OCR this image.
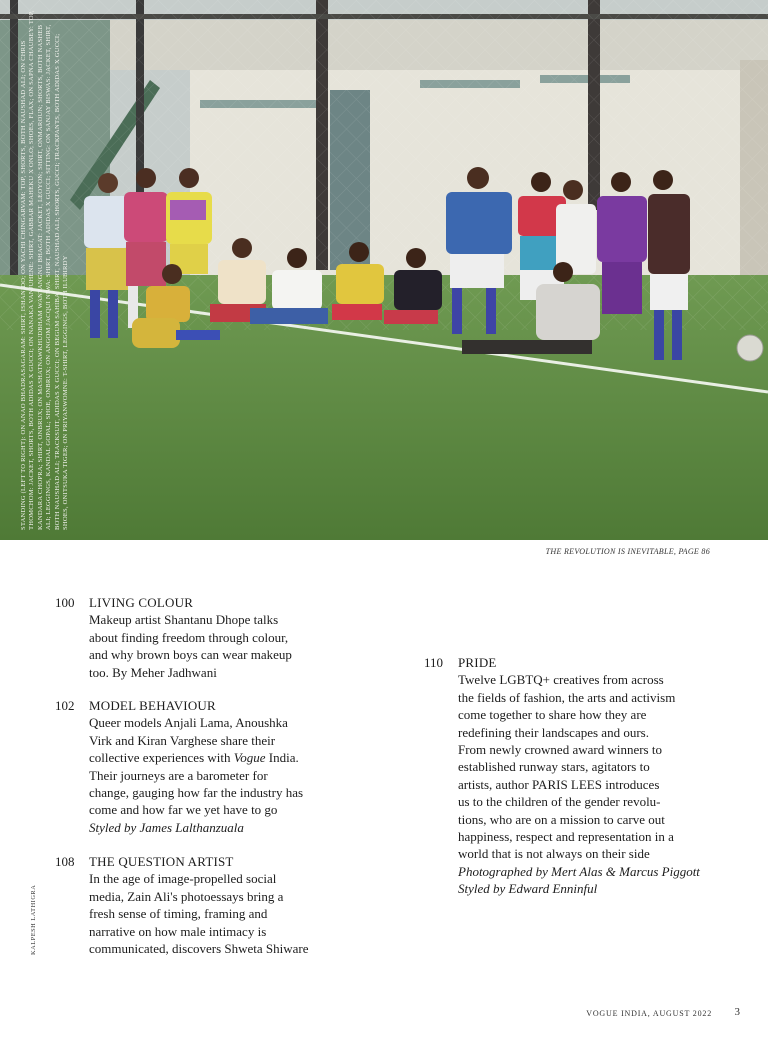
STANDING (LEFT TO RIGHT): ON ANAO BHADRASAGARAM: SHIRT, ISHANIDO; ON YACHI CHINGARVAM: TOP, SHORTS, BOTH NAUSHAD ALI; ON CHRIS THOMCHOM: JACKET, SHORTS, BOTH ADIDAS X GUCCI; ON NANAKA VANJUHENE: SHIRT, GABBAR MAHEKU X ONLO; SHOES, FLAX; ON SAPNA CHAUBEY: TOP, KANDARA CHOPRA; SHIRT, ONBRUX; ON MASHATNAWKHUDBHAM WANTANGNU BHAGAT: JACKET, LEOYON; SHIRT, ONMAROUN; SHORTS, BOTH NASHEB ALI; LEGGINGS, KANDAL GOPAL; SHOE, ONBRUX; ON ANGOM JACQUI NIWA: SHIRT, BOTH ADIDAS X GUCCI; SITTING: ON SANJAY BISWAS: JACKET, SHIRT, BOTH NAUSHAD ALI; TRACKSUIT, ADIDAS X GUCCI; ON BEGUM SAHIBA: SHIRT, NAUSHAD ALI; SHORTS, GUCCI; TRACKPANTS, BOTH ADIDAS X GUCCI; SHOES, ONITSUKA TIGER; ON PRIYANWOMNE: T-SHIRT, LEGGINGS, BOTH ILUBIRDY
THE REVOLUTION IS INEVITABLE, PAGE 86
100 LIVING COLOUR

Makeup artist Shantanu Dhope talks

about finding freedom through colour,

and why brown boys can wear makeup

too. By Meher Jadhwani

102 MODEL BEHAVIOUR

Queer models Anjali Lama, Anoushka

Virk and Kiran Varghese share their

collective experiences with Vogue India.

Their journeys are a barometer for

change, gauging how far the industry has

come and how far we yet have to go

Styled by James Lalthanzuala

108 THE QUESTION ARTIST

In the age of image-propelled social

media, Zain Ali's photoessays bring a

fresh sense of timing, framing and

narrative on how male intimacy is

communicated, discovers Shweta Shiware

110 PRIDE

Twelve LGBTQ+ creatives from across

the fields of fashion, the arts and activism

come together to share how they are

redefining their landscapes and ours.

From newly crowned award winners to

established runway stars, agitators to

artists, author PARIS LEES introduces

us to the children of the gender revolu-

tions, who are on a mission to carve out

happiness, respect and representation in a

world that is not always on their side

Photographed by Mert Alas & Marcus Piggott

Styled by Edward Enninful

KALPESH LATHIGRA
VOGUE INDIA, AUGUST 2022 3
